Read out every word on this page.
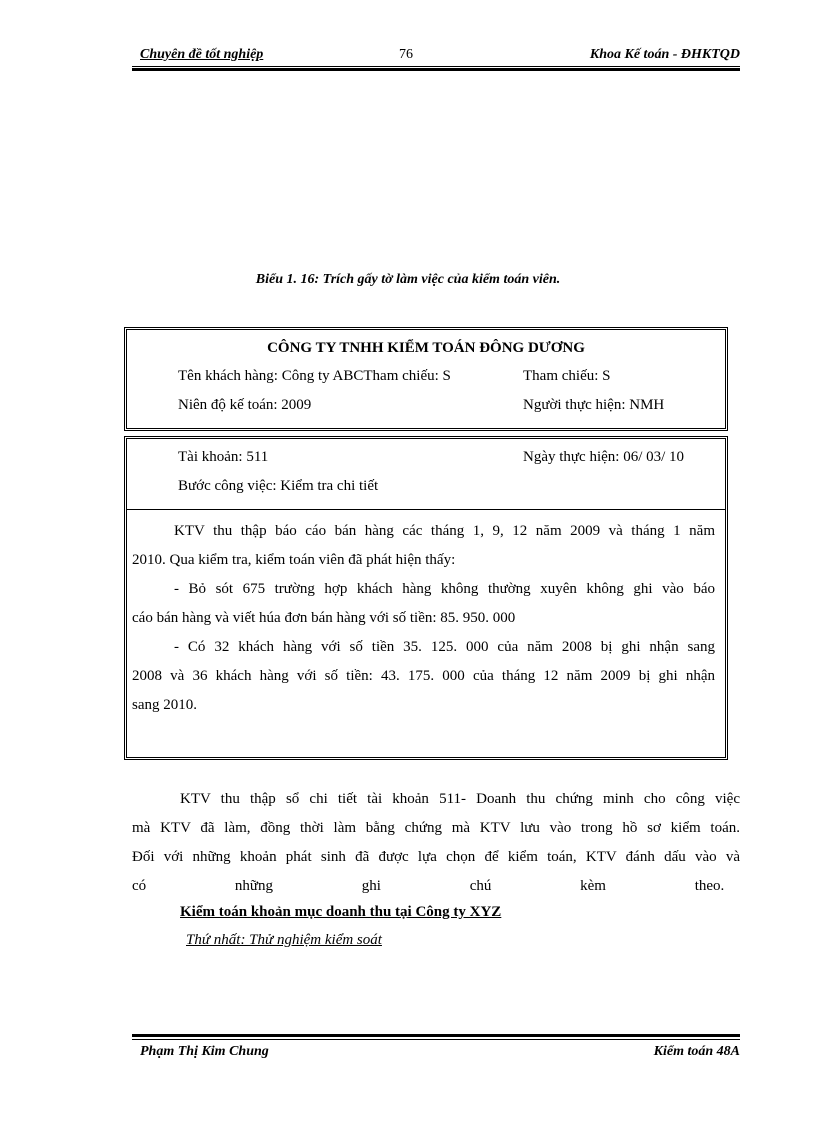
Chuyên đề tốt nghiệp	76	Khoa Kế toán - ĐHKTQD
Biểu 1. 16: Trích gấy tờ làm việc của kiểm toán viên.
CÔNG TY TNHH KIỂM TOÁN ĐÔNG DƯƠNG
Tên khách hàng: Công ty ABCTham chiếu: S	Tham chiếu: S
Niên độ kế toán: 2009	Người thực hiện: NMH
Tài khoản: 511	Ngày thực hiện: 06/ 03/ 10
Bước công việc: Kiểm tra chi tiết
KTV thu thập báo cáo bán hàng các tháng 1, 9, 12 năm 2009 và tháng 1 năm
2010. Qua kiểm tra, kiểm toán viên đã phát hiện thấy:
- Bỏ sót 675 trường hợp khách hàng không thường xuyên không ghi vào báo
cáo bán hàng và viết húa đơn bán hàng với số tiền: 85. 950. 000
- Có 32 khách hàng với số tiền 35. 125. 000 của năm 2008 bị ghi nhận sang
2008 và 36 khách hàng với số tiền: 43. 175. 000 của tháng 12 năm 2009 bị ghi nhận
sang 2010.
KTV thu thập sổ chi tiết tài khoản 511- Doanh thu chứng minh cho công việc
mà KTV đã làm, đồng thời làm bằng chứng mà KTV lưu vào trong hồ sơ kiểm toán.
Đối với những khoản phát sinh đã được lựa chọn để kiểm toán, KTV đánh dấu vào và
có những ghi chú kèm theo.
Kiểm toán khoản mục doanh thu tại Công ty XYZ
Thứ nhất: Thử nghiệm kiểm soát
Phạm Thị Kim Chung	Kiểm toán 48A
